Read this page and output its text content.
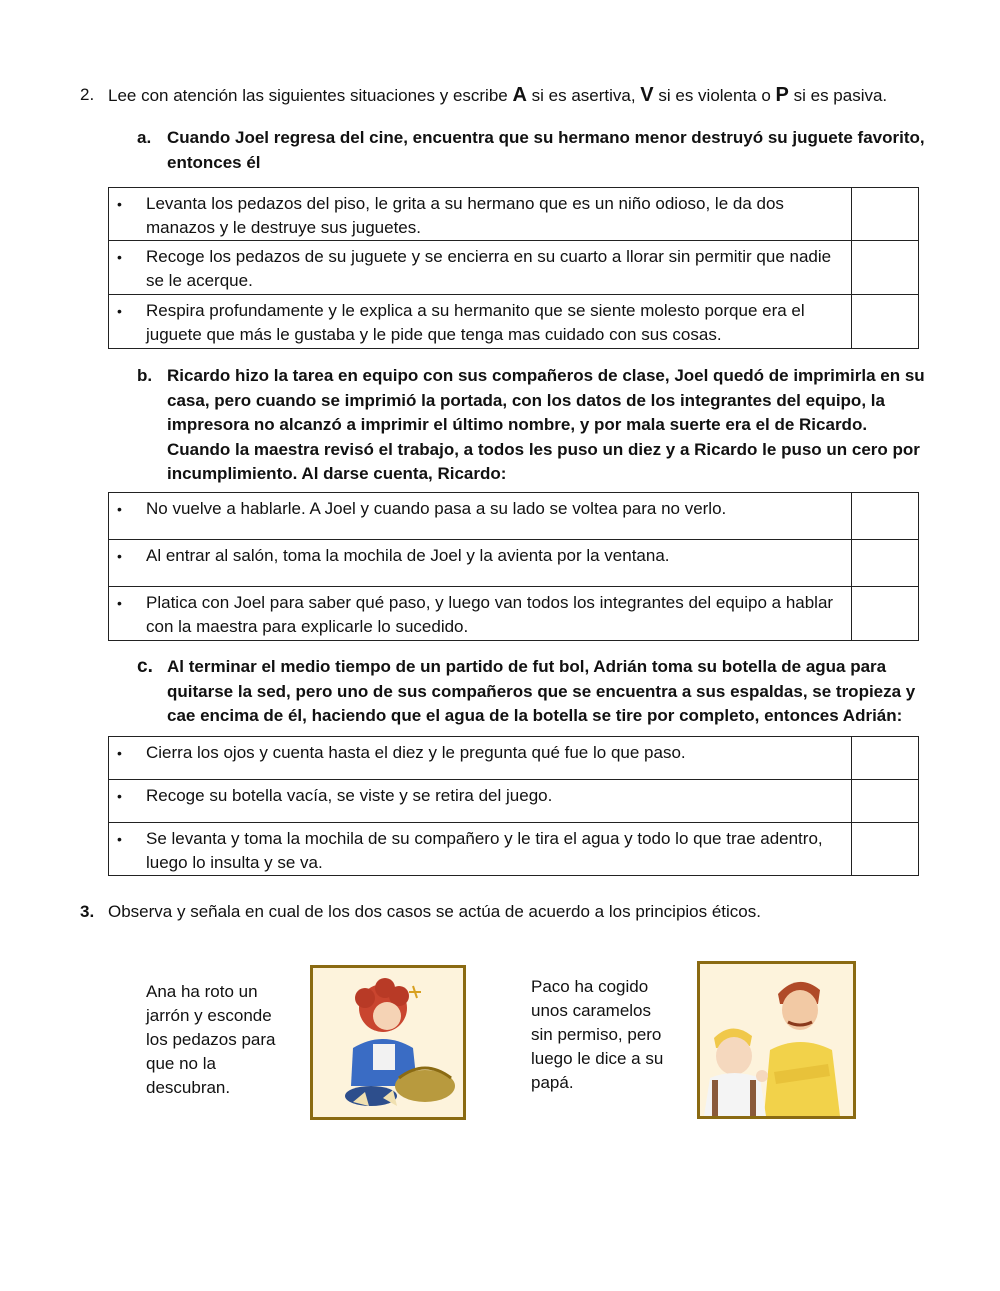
2. Lee con atención las siguientes situaciones y escribe A si es asertiva, V si es violenta o P si es pasiva.
a. Cuando Joel regresa del cine, encuentra que su hermano menor destruyó su juguete favorito, entonces él
• Levanta los pedazos del piso, le grita a su hermano que es un niño odioso, le da dos manazos y le destruye sus juguetes.	

• Recoge los pedazos de su juguete y se encierra en su cuarto a llorar sin permitir que nadie se le acerque.	

• Respira profundamente y le explica a su hermanito que se siente molesto porque era el juguete que más le gustaba y le pide que tenga mas cuidado con sus cosas.	

b. Ricardo hizo la tarea en equipo con sus compañeros de clase, Joel quedó de imprimirla en su casa, pero cuando se imprimió la portada, con los datos de los integrantes del equipo, la impresora no alcanzó a imprimir el último nombre, y por mala suerte era el de Ricardo. Cuando la maestra revisó el trabajo, a todos les puso un diez y a Ricardo le puso un cero por incumplimiento. Al darse cuenta, Ricardo:
• No vuelve a hablarle. A Joel y cuando pasa a su lado se voltea para no verlo.	

• Al entrar al salón, toma la mochila de Joel y la avienta por la ventana.	

• Platica con Joel para saber qué paso, y luego van todos los integrantes del equipo a hablar con la maestra para explicarle lo sucedido.	

c. Al terminar el medio tiempo de un partido de fut bol, Adrián toma su botella de agua para quitarse la sed, pero uno de sus compañeros que se encuentra a sus espaldas, se tropieza y cae encima de él, haciendo que el agua de la botella se tire por completo, entonces Adrián:
• Cierra los ojos y cuenta hasta el diez y le pregunta qué fue lo que paso.	

• Recoge su botella vacía, se viste y se retira del juego.	

• Se levanta y toma la mochila de su compañero y le tira el agua y todo lo que trae adentro, luego lo insulta y se va.	

3. Observa y señala en cual de los dos casos se actúa de acuerdo a los principios éticos.
Ana ha roto un jarrón y esconde los pedazos para que no la descubran.
Paco ha cogido unos caramelos sin permiso, pero luego le dice a su papá.
